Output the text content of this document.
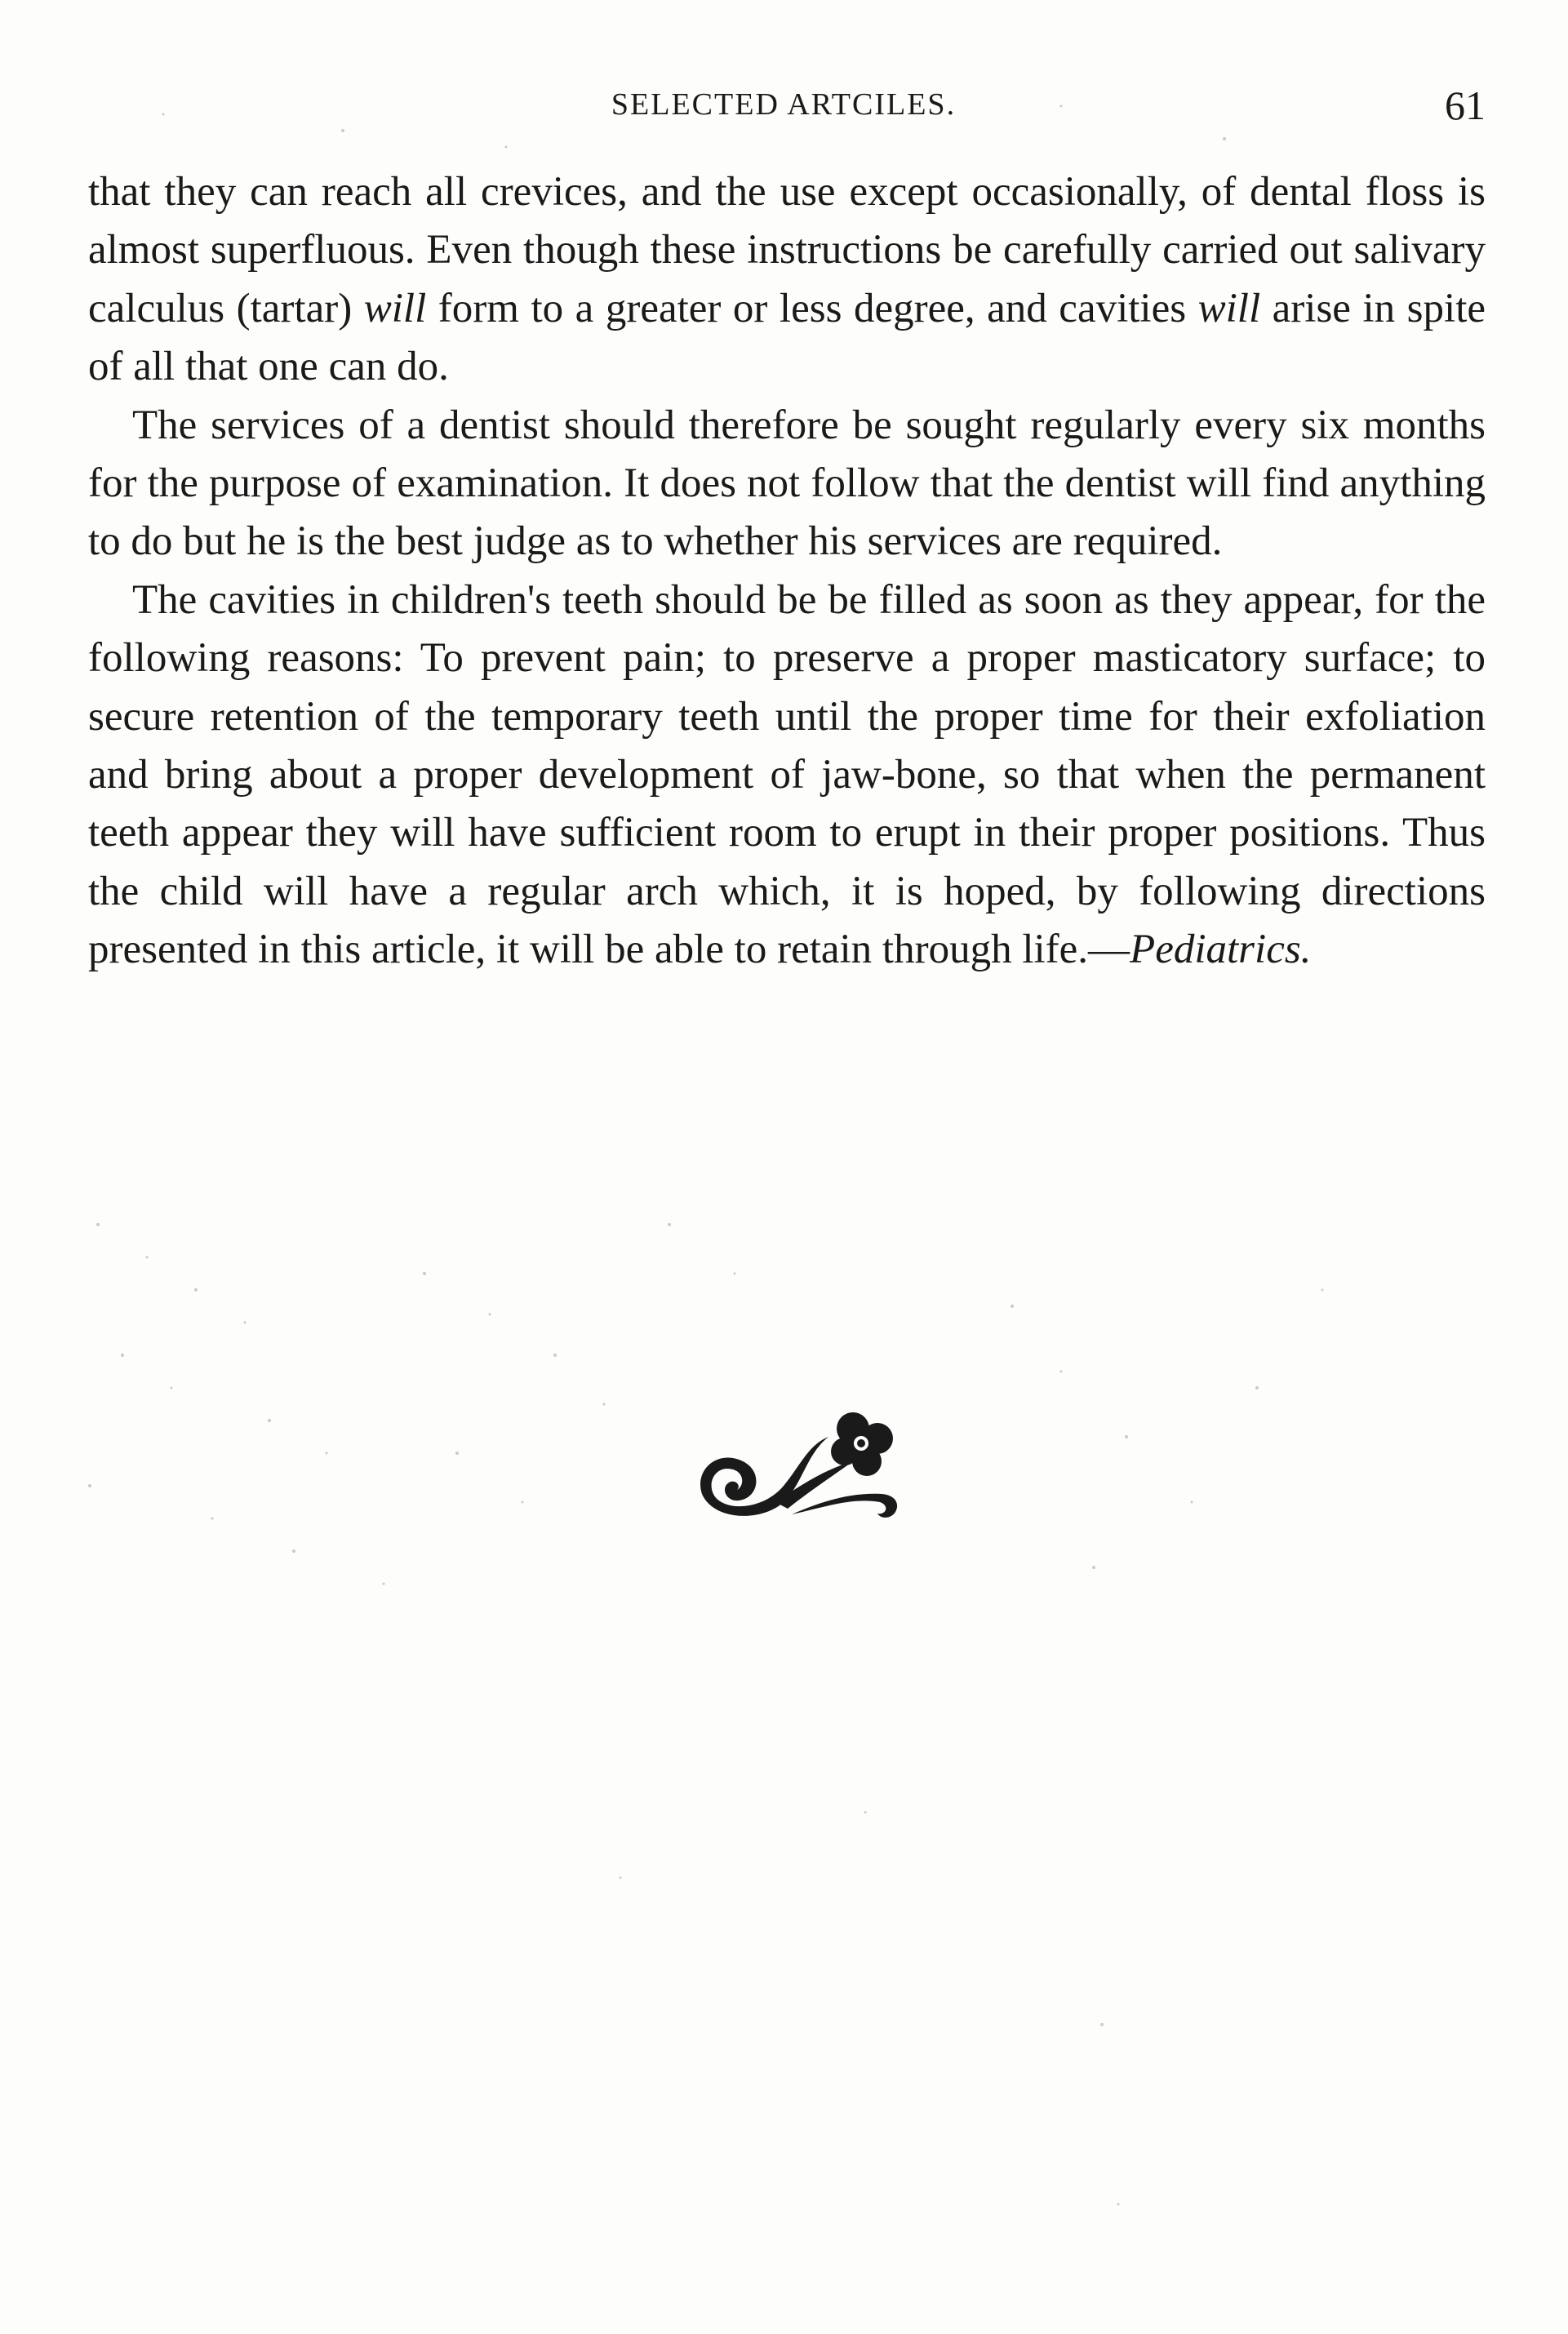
SELECTED ARTCILES.	61

that they can reach all crevices, and the use except occasionally, of dental floss is almost superfluous. Even though these instructions be carefully carried out salivary calculus (tartar) will form to a greater or less degree, and cavities will arise in spite of all that one can do.

The services of a dentist should therefore be sought regularly every six months for the purpose of examination. It does not follow that the dentist will find anything to do but he is the best judge as to whether his services are required.

The cavities in children's teeth should be be filled as soon as they appear, for the following reasons: To prevent pain; to preserve a proper masticatory surface; to secure retention of the temporary teeth until the proper time for their exfoliation and bring about a proper development of jaw-bone, so that when the permanent teeth appear they will have sufficient room to erupt in their proper positions. Thus the child will have a regular arch which, it is hoped, by following directions presented in this article, it will be able to retain through life.—Pediatrics.
